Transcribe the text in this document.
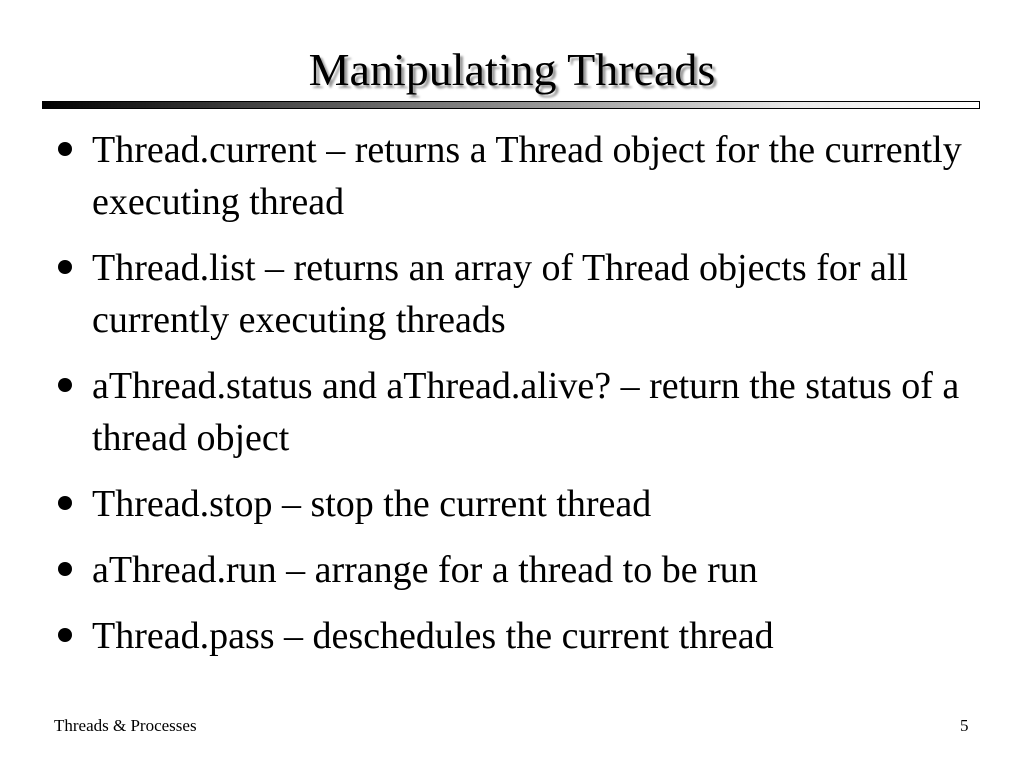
Manipulating Threads
Thread.current – returns a Thread object for the currently executing thread
Thread.list – returns an array of Thread objects for all currently executing threads
aThread.status and aThread.alive? – return the status of a thread object
Thread.stop – stop the current thread
aThread.run – arrange for a thread to be run
Thread.pass – deschedules the current thread
Threads & Processes	5
